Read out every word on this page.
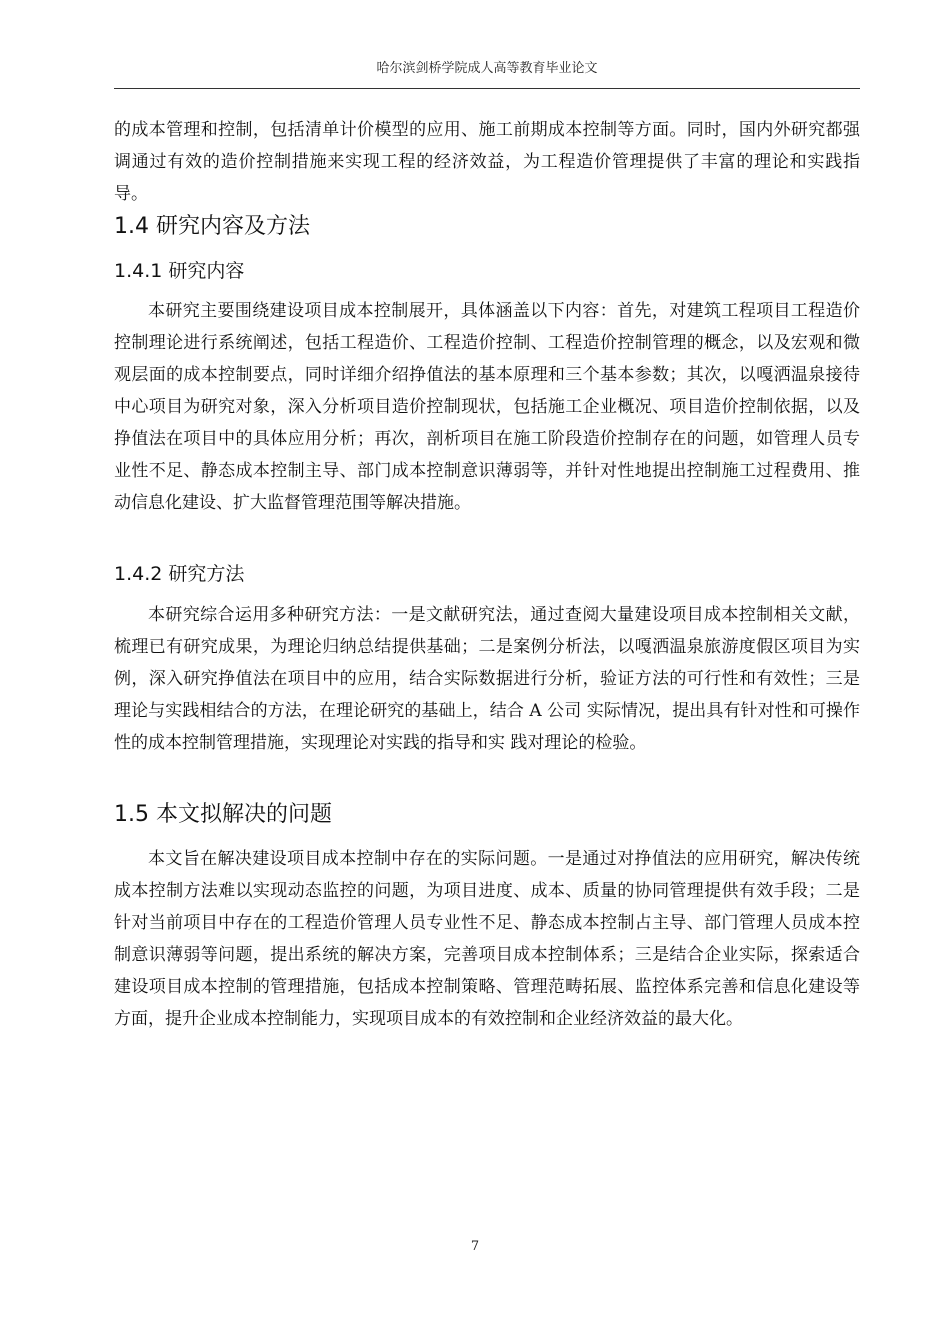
哈尔滨剑桥学院成人高等教育毕业论文

的成本管理和控制，包括清单计价模型的应用、施工前期成本控制等方面。同时，国内外研究都强调通过有效的造价控制措施来实现工程的经济效益，为工程造价管理提供了丰富的理论和实践指导。

1.4 研究内容及方法
1.4.1 研究内容

本研究主要围绕建设项目成本控制展开，具体涵盖以下内容：首先，对建筑工程项目工程造价控制理论进行系统阐述，包括工程造价、工程造价控制、工程造价控制管理的概念，以及宏观和微观层面的成本控制要点，同时详细介绍挣值法的基本原理和三个基本参数；其次，以嘎洒温泉接待中心项目为研究对象，深入分析项目造价控制现状，包括施工企业概况、项目造价控制依据，以及挣值法在项目中的具体应用分析；再次，剖析项目在施工阶段造价控制存在的问题，如管理人员专业性不足、静态成本控制主导、部门成本控制意识薄弱等，并针对性地提出控制施工过程费用、推动信息化建设、扩大监督管理范围等解决措施。

1.4.2 研究方法

本研究综合运用多种研究方法：一是文献研究法，通过查阅大量建设项目成本控制相关文献，梳理已有研究成果，为理论归纳总结提供基础；二是案例分析法，以嘎洒温泉旅游度假区项目为实例，深入研究挣值法在项目中的应用，结合实际数据进行分析，验证方法的可行性和有效性；三是理论与实践相结合的方法，在理论研究的基础上，结合 A 公司 实际情况，提出具有针对性和可操作性的成本控制管理措施，实现理论对实践的指导和实 践对理论的检验。

1.5 本文拟解决的问题

本文旨在解决建设项目成本控制中存在的实际问题。一是通过对挣值法的应用研究，解决传统成本控制方法难以实现动态监控的问题，为项目进度、成本、质量的协同管理提供有效手段；二是针对当前项目中存在的工程造价管理人员专业性不足、静态成本控制占主导、部门管理人员成本控制意识薄弱等问题，提出系统的解决方案，完善项目成本控制体系；三是结合企业实际，探索适合建设项目成本控制的管理措施，包括成本控制策略、管理范畴拓展、监控体系完善和信息化建设等方面，提升企业成本控制能力，实现项目成本的有效控制和企业经济效益的最大化。

7
